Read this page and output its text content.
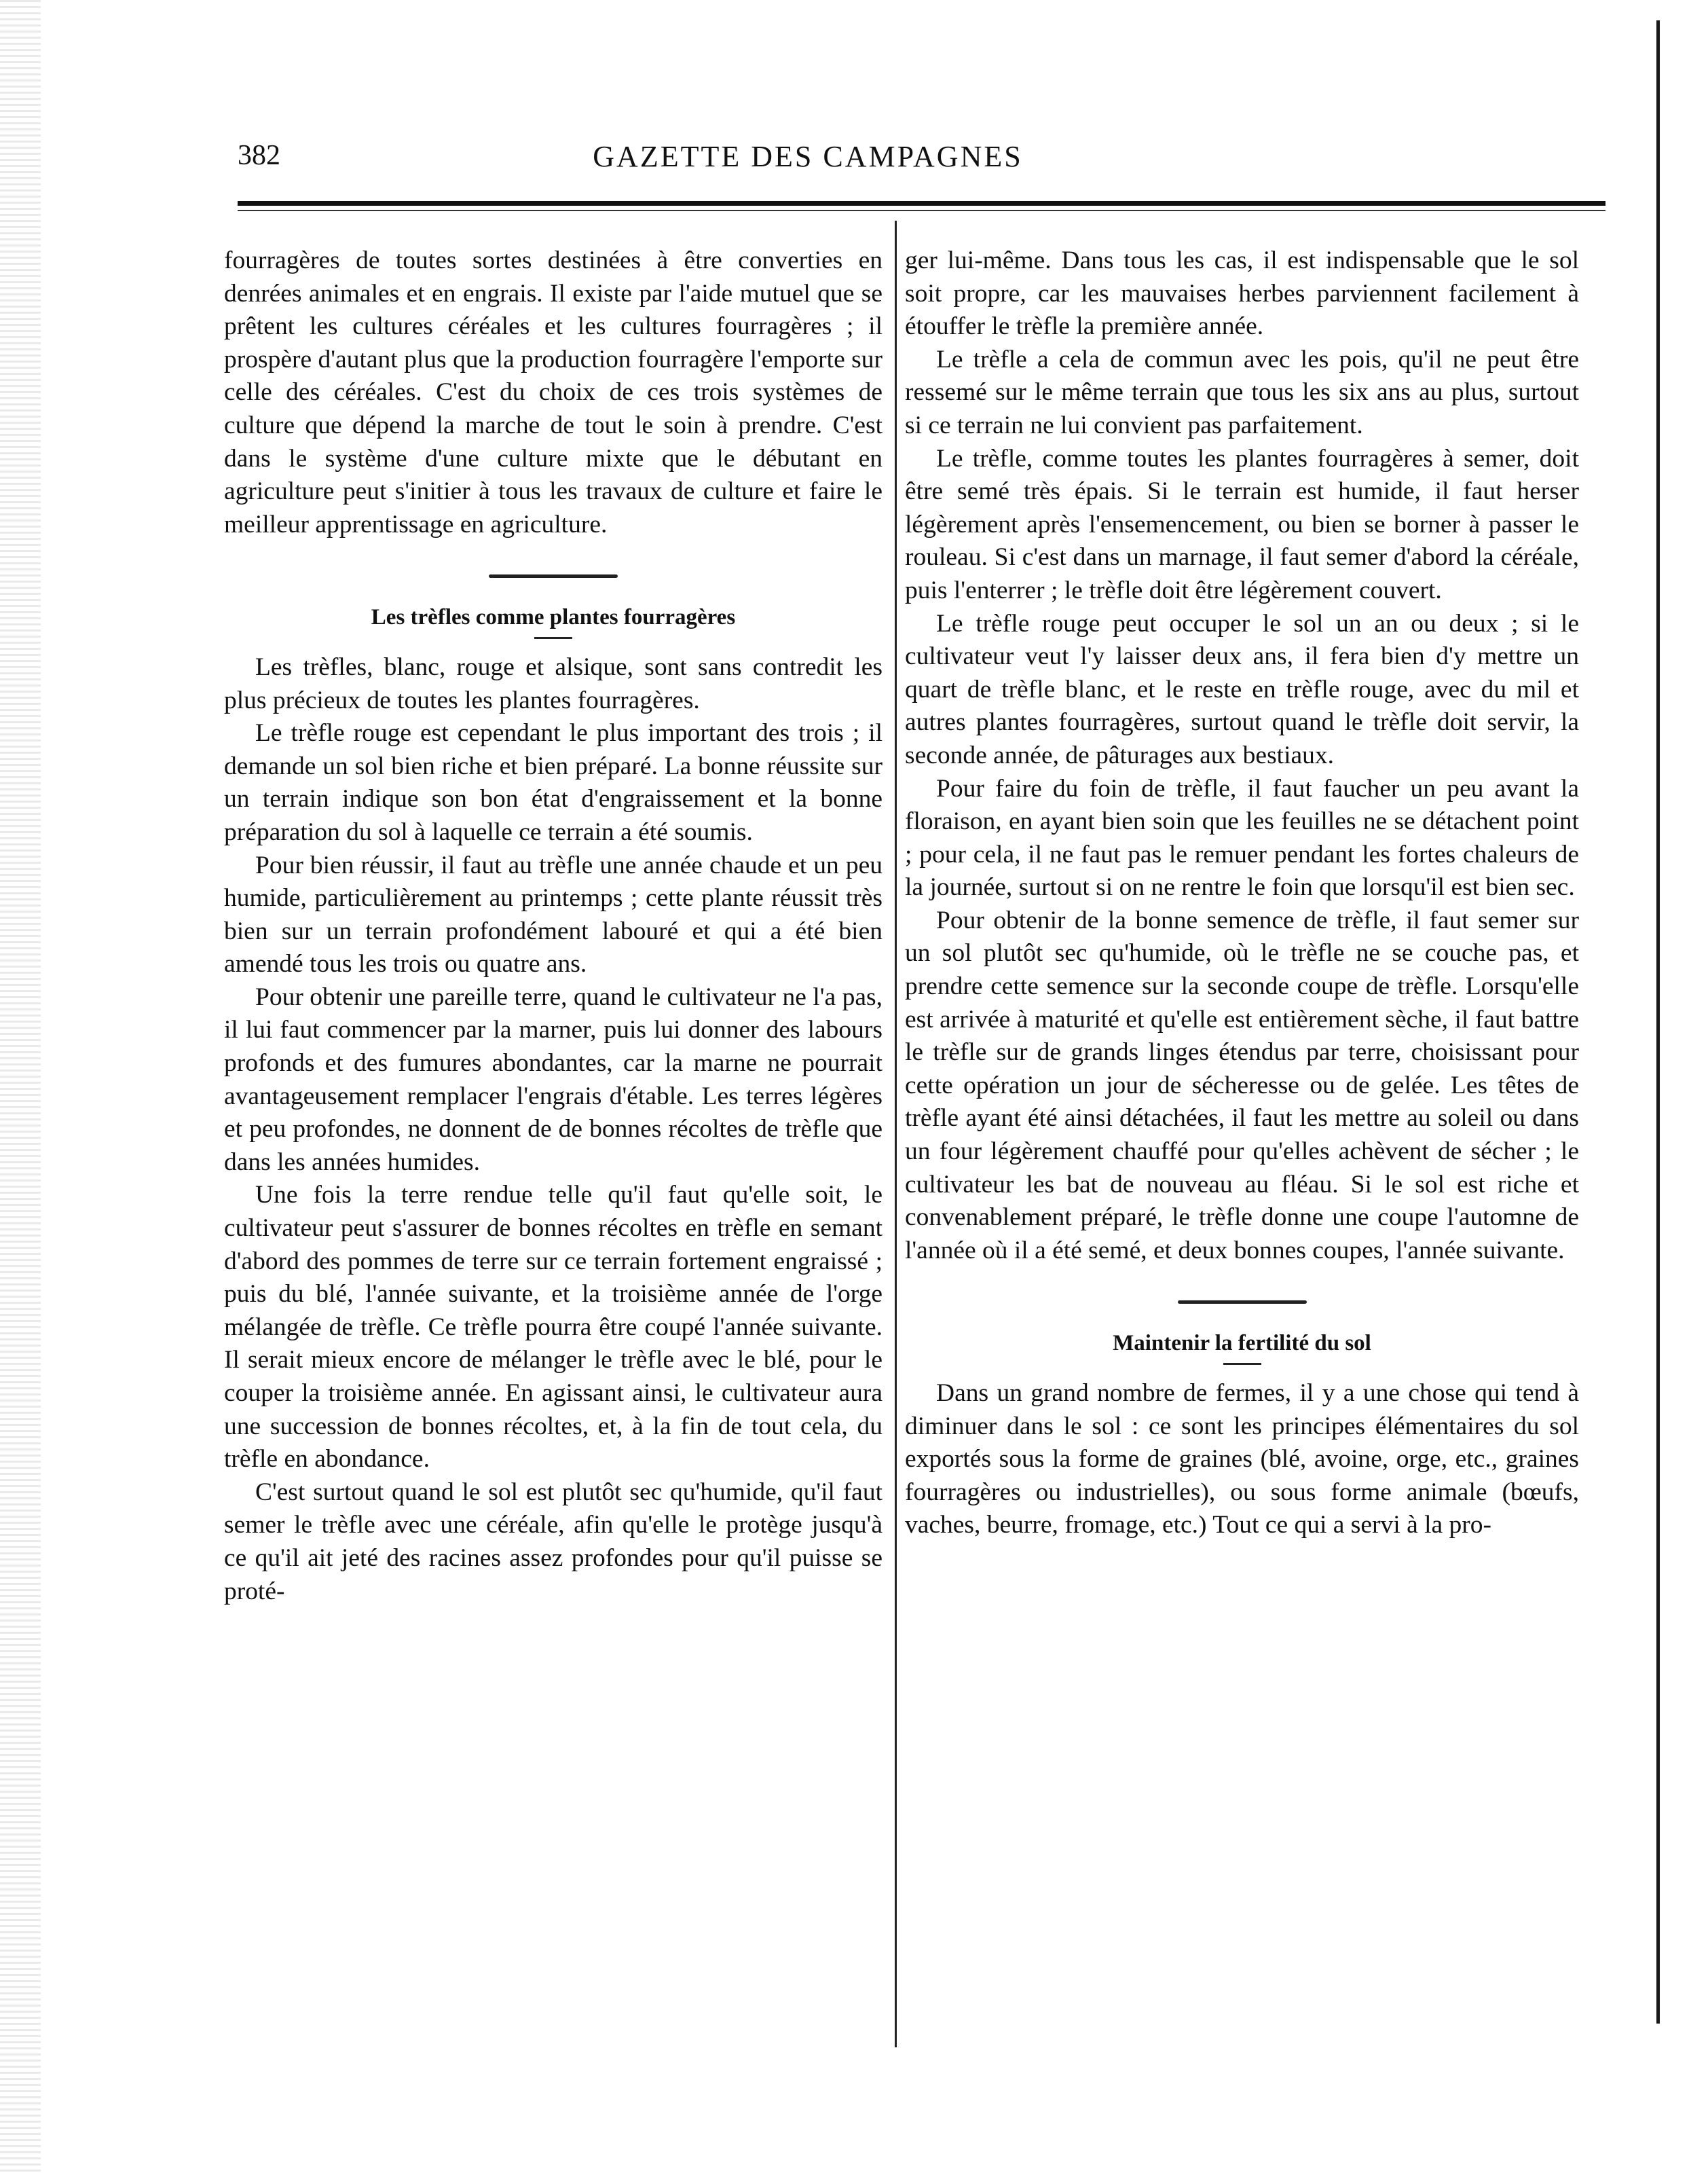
382	GAZETTE DES CAMPAGNES

fourragères de toutes sortes destinées à être converties en denrées animales et en engrais. Il existe par l'aide mutuel que se prêtent les cultures céréales et les cultures fourragères ; il prospère d'autant plus que la production fourragère l'emporte sur celle des céréales. C'est du choix de ces trois systèmes de culture que dépend la marche de tout le soin à prendre. C'est dans le système d'une culture mixte que le débutant en agriculture peut s'initier à tous les travaux de culture et faire le meilleur apprentissage en agriculture.

Les trèfles comme plantes fourragères

Les trèfles, blanc, rouge et alsique, sont sans contredit les plus précieux de toutes les plantes fourragères.

Le trèfle rouge est cependant le plus important des trois ; il demande un sol bien riche et bien préparé. La bonne réussite sur un terrain indique son bon état d'engraissement et la bonne préparation du sol à laquelle ce terrain a été soumis.

Pour bien réussir, il faut au trèfle une année chaude et un peu humide, particulièrement au printemps ; cette plante réussit très bien sur un terrain profondément labouré et qui a été bien amendé tous les trois ou quatre ans.

Pour obtenir une pareille terre, quand le cultivateur ne l'a pas, il lui faut commencer par la marner, puis lui donner des labours profonds et des fumures abondantes, car la marne ne pourrait avantageusement remplacer l'engrais d'étable. Les terres légères et peu profondes, ne donnent de de bonnes récoltes de trèfle que dans les années humides.

Une fois la terre rendue telle qu'il faut qu'elle soit, le cultivateur peut s'assurer de bonnes récoltes en trèfle en semant d'abord des pommes de terre sur ce terrain fortement engraissé ; puis du blé, l'année suivante, et la troisième année de l'orge mélangée de trèfle. Ce trèfle pourra être coupé l'année suivante. Il serait mieux encore de mélanger le trèfle avec le blé, pour le couper la troisième année. En agissant ainsi, le cultivateur aura une succession de bonnes récoltes, et, à la fin de tout cela, du trèfle en abondance.

C'est surtout quand le sol est plutôt sec qu'humide, qu'il faut semer le trèfle avec une céréale, afin qu'elle le protège jusqu'à ce qu'il ait jeté des racines assez profondes pour qu'il puisse se proté-

ger lui-même. Dans tous les cas, il est indispensable que le sol soit propre, car les mauvaises herbes parviennent facilement à étouffer le trèfle la première année.

Le trèfle a cela de commun avec les pois, qu'il ne peut être ressemé sur le même terrain que tous les six ans au plus, surtout si ce terrain ne lui convient pas parfaitement.

Le trèfle, comme toutes les plantes fourragères à semer, doit être semé très épais. Si le terrain est humide, il faut herser légèrement après l'ensemencement, ou bien se borner à passer le rouleau. Si c'est dans un marnage, il faut semer d'abord la céréale, puis l'enterrer ; le trèfle doit être légèrement couvert.

Le trèfle rouge peut occuper le sol un an ou deux ; si le cultivateur veut l'y laisser deux ans, il fera bien d'y mettre un quart de trèfle blanc, et le reste en trèfle rouge, avec du mil et autres plantes fourragères, surtout quand le trèfle doit servir, la seconde année, de pâturages aux bestiaux.

Pour faire du foin de trèfle, il faut faucher un peu avant la floraison, en ayant bien soin que les feuilles ne se détachent point ; pour cela, il ne faut pas le remuer pendant les fortes chaleurs de la journée, surtout si on ne rentre le foin que lorsqu'il est bien sec.

Pour obtenir de la bonne semence de trèfle, il faut semer sur un sol plutôt sec qu'humide, où le trèfle ne se couche pas, et prendre cette semence sur la seconde coupe de trèfle. Lorsqu'elle est arrivée à maturité et qu'elle est entièrement sèche, il faut battre le trèfle sur de grands linges étendus par terre, choisissant pour cette opération un jour de sécheresse ou de gelée. Les têtes de trèfle ayant été ainsi détachées, il faut les mettre au soleil ou dans un four légèrement chauffé pour qu'elles achèvent de sécher ; le cultivateur les bat de nouveau au fléau. Si le sol est riche et convenablement préparé, le trèfle donne une coupe l'automne de l'année où il a été semé, et deux bonnes coupes, l'année suivante.

Maintenir la fertilité du sol

Dans un grand nombre de fermes, il y a une chose qui tend à diminuer dans le sol : ce sont les principes élémentaires du sol exportés sous la forme de graines (blé, avoine, orge, etc., graines fourragères ou industrielles), ou sous forme animale (bœufs, vaches, beurre, fromage, etc.) Tout ce qui a servi à la pro-
